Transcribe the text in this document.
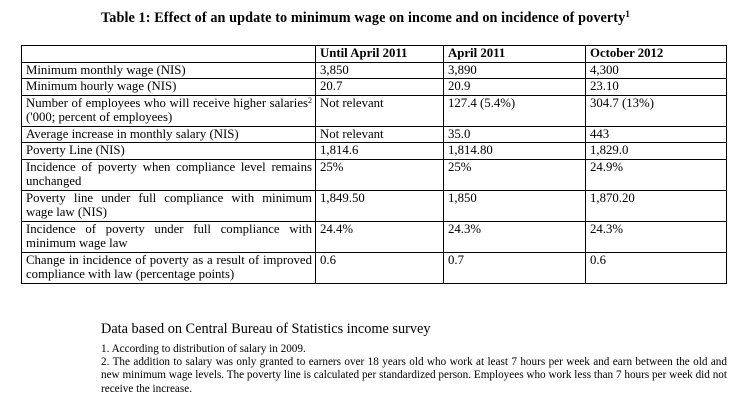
Table 1: Effect of an update to minimum wage on income and on incidence of poverty$^1$
	Until April 2011	April 2011	October 2012
Minimum monthly wage (NIS)	3,850	3,890	4,300
Minimum hourly wage (NIS)	20.7	20.9	23.10
Number of employees who will receive higher salaries$^2$ ('000; percent of employees)	Not relevant	127.4 (5.4%)	304.7 (13%)
Average increase in monthly salary (NIS)	Not relevant	35.0	443
Poverty Line (NIS)	1,814.6	1,814.80	1,829.0
Incidence of poverty when compliance level remains unchanged	25%	25%	24.9%
Poverty line under full compliance with minimum wage law (NIS)	1,849.50	1,850	1,870.20
Incidence of poverty under full compliance with minimum wage law	24.4%	24.3%	24.3%
Change in incidence of poverty as a result of improved compliance with law (percentage points)	0.6	0.7	0.6
Data based on Central Bureau of Statistics income survey

1. According to distribution of salary in 2009.

2. The addition to salary was only granted to earners over 18 years old who work at least 7 hours per week and earn between the old and new minimum wage levels. The poverty line is calculated per standardized person. Employees who work less than 7 hours per week did not receive the increase.
